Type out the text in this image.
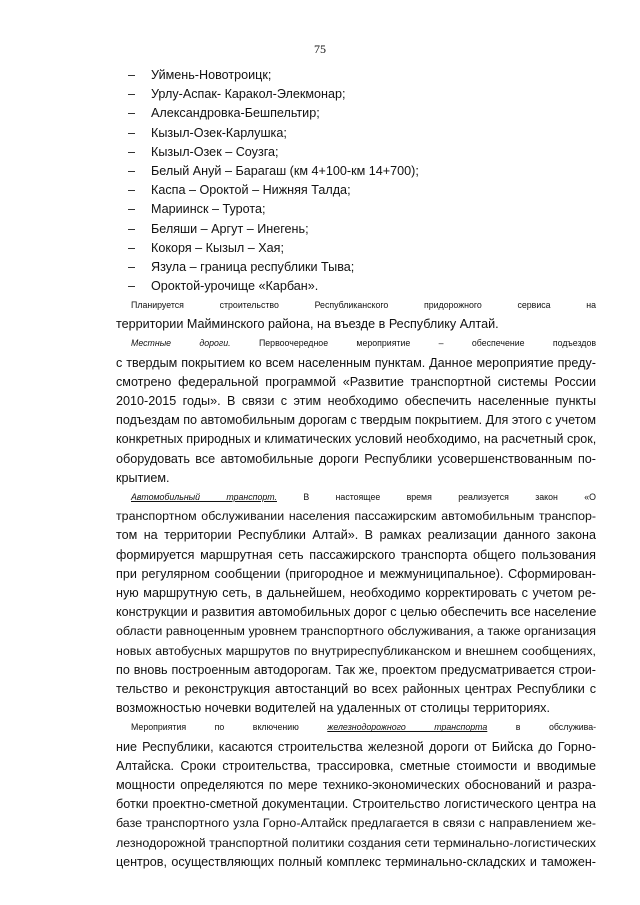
75
– Уймень-Новотроицк;
– Урлу-Аспак- Каракол-Элекмонар;
– Александровка-Бешпельтир;
– Кызыл-Озек-Карлушка;
– Кызыл-Озек – Соузга;
– Белый Ануй – Барагаш (км 4+100-км 14+700);
– Каспа – Ороктой – Нижняя Талда;
– Мариинск – Турота;
– Беляши – Аргут – Инегень;
– Кокоря – Кызыл – Хая;
– Язула – граница республики Тыва;
– Ороктой-урочище «Карбан».
Планируется строительство Республиканского придорожного сервиса на
территории Майминского района, на въезде в Республику Алтай.
Местные дороги. Первоочередное мероприятие – обеспечение подъездов
с твердым покрытием ко всем населенным пунктам. Данное мероприятие преду-
смотрено федеральной программой «Развитие транспортной системы России
2010-2015 годы». В связи с этим необходимо обеспечить населенные пункты
подъездам по автомобильным дорогам с твердым покрытием. Для этого с учетом
конкретных природных и климатических условий необходимо, на расчетный срок,
оборудовать все автомобильные дороги Республики усовершенствованным по-
крытием.
Автомобильный транспорт. В настоящее время реализуется закон «О
транспортном обслуживании населения пассажирским автомобильным транспор-
том на территории Республики Алтай». В рамках реализации данного закона
формируется маршрутная сеть пассажирского транспорта общего пользования
при регулярном сообщении (пригородное и межмуниципальное). Сформирован-
ную маршрутную сеть, в дальнейшем, необходимо корректировать с учетом ре-
конструкции и развития автомобильных дорог с целью обеспечить все население
области равноценным уровнем транспортного обслуживания, а также организация
новых автобусных маршрутов по внутриреспубликанском и внешнем сообщениях,
по вновь построенным автодорогам. Так же, проектом предусматривается строи-
тельство и реконструкция автостанций во всех районных центрах Республики с
возможностью ночевки водителей на удаленных от столицы территориях.
Мероприятия по включению железнодорожного транспорта в обслужива-
ние Республики, касаются строительства железной дороги от Бийска до Горно-
Алтайска. Сроки строительства, трассировка, сметные стоимости и вводимые
мощности определяются по мере технико-экономических обоснований и разра-
ботки проектно-сметной документации. Строительство логистического центра на
базе транспортного узла Горно-Алтайск предлагается в связи с направлением же-
лезнодорожной транспортной политики создания сети терминально-логистических
центров, осуществляющих полный комплекс терминально-складских и таможен-
